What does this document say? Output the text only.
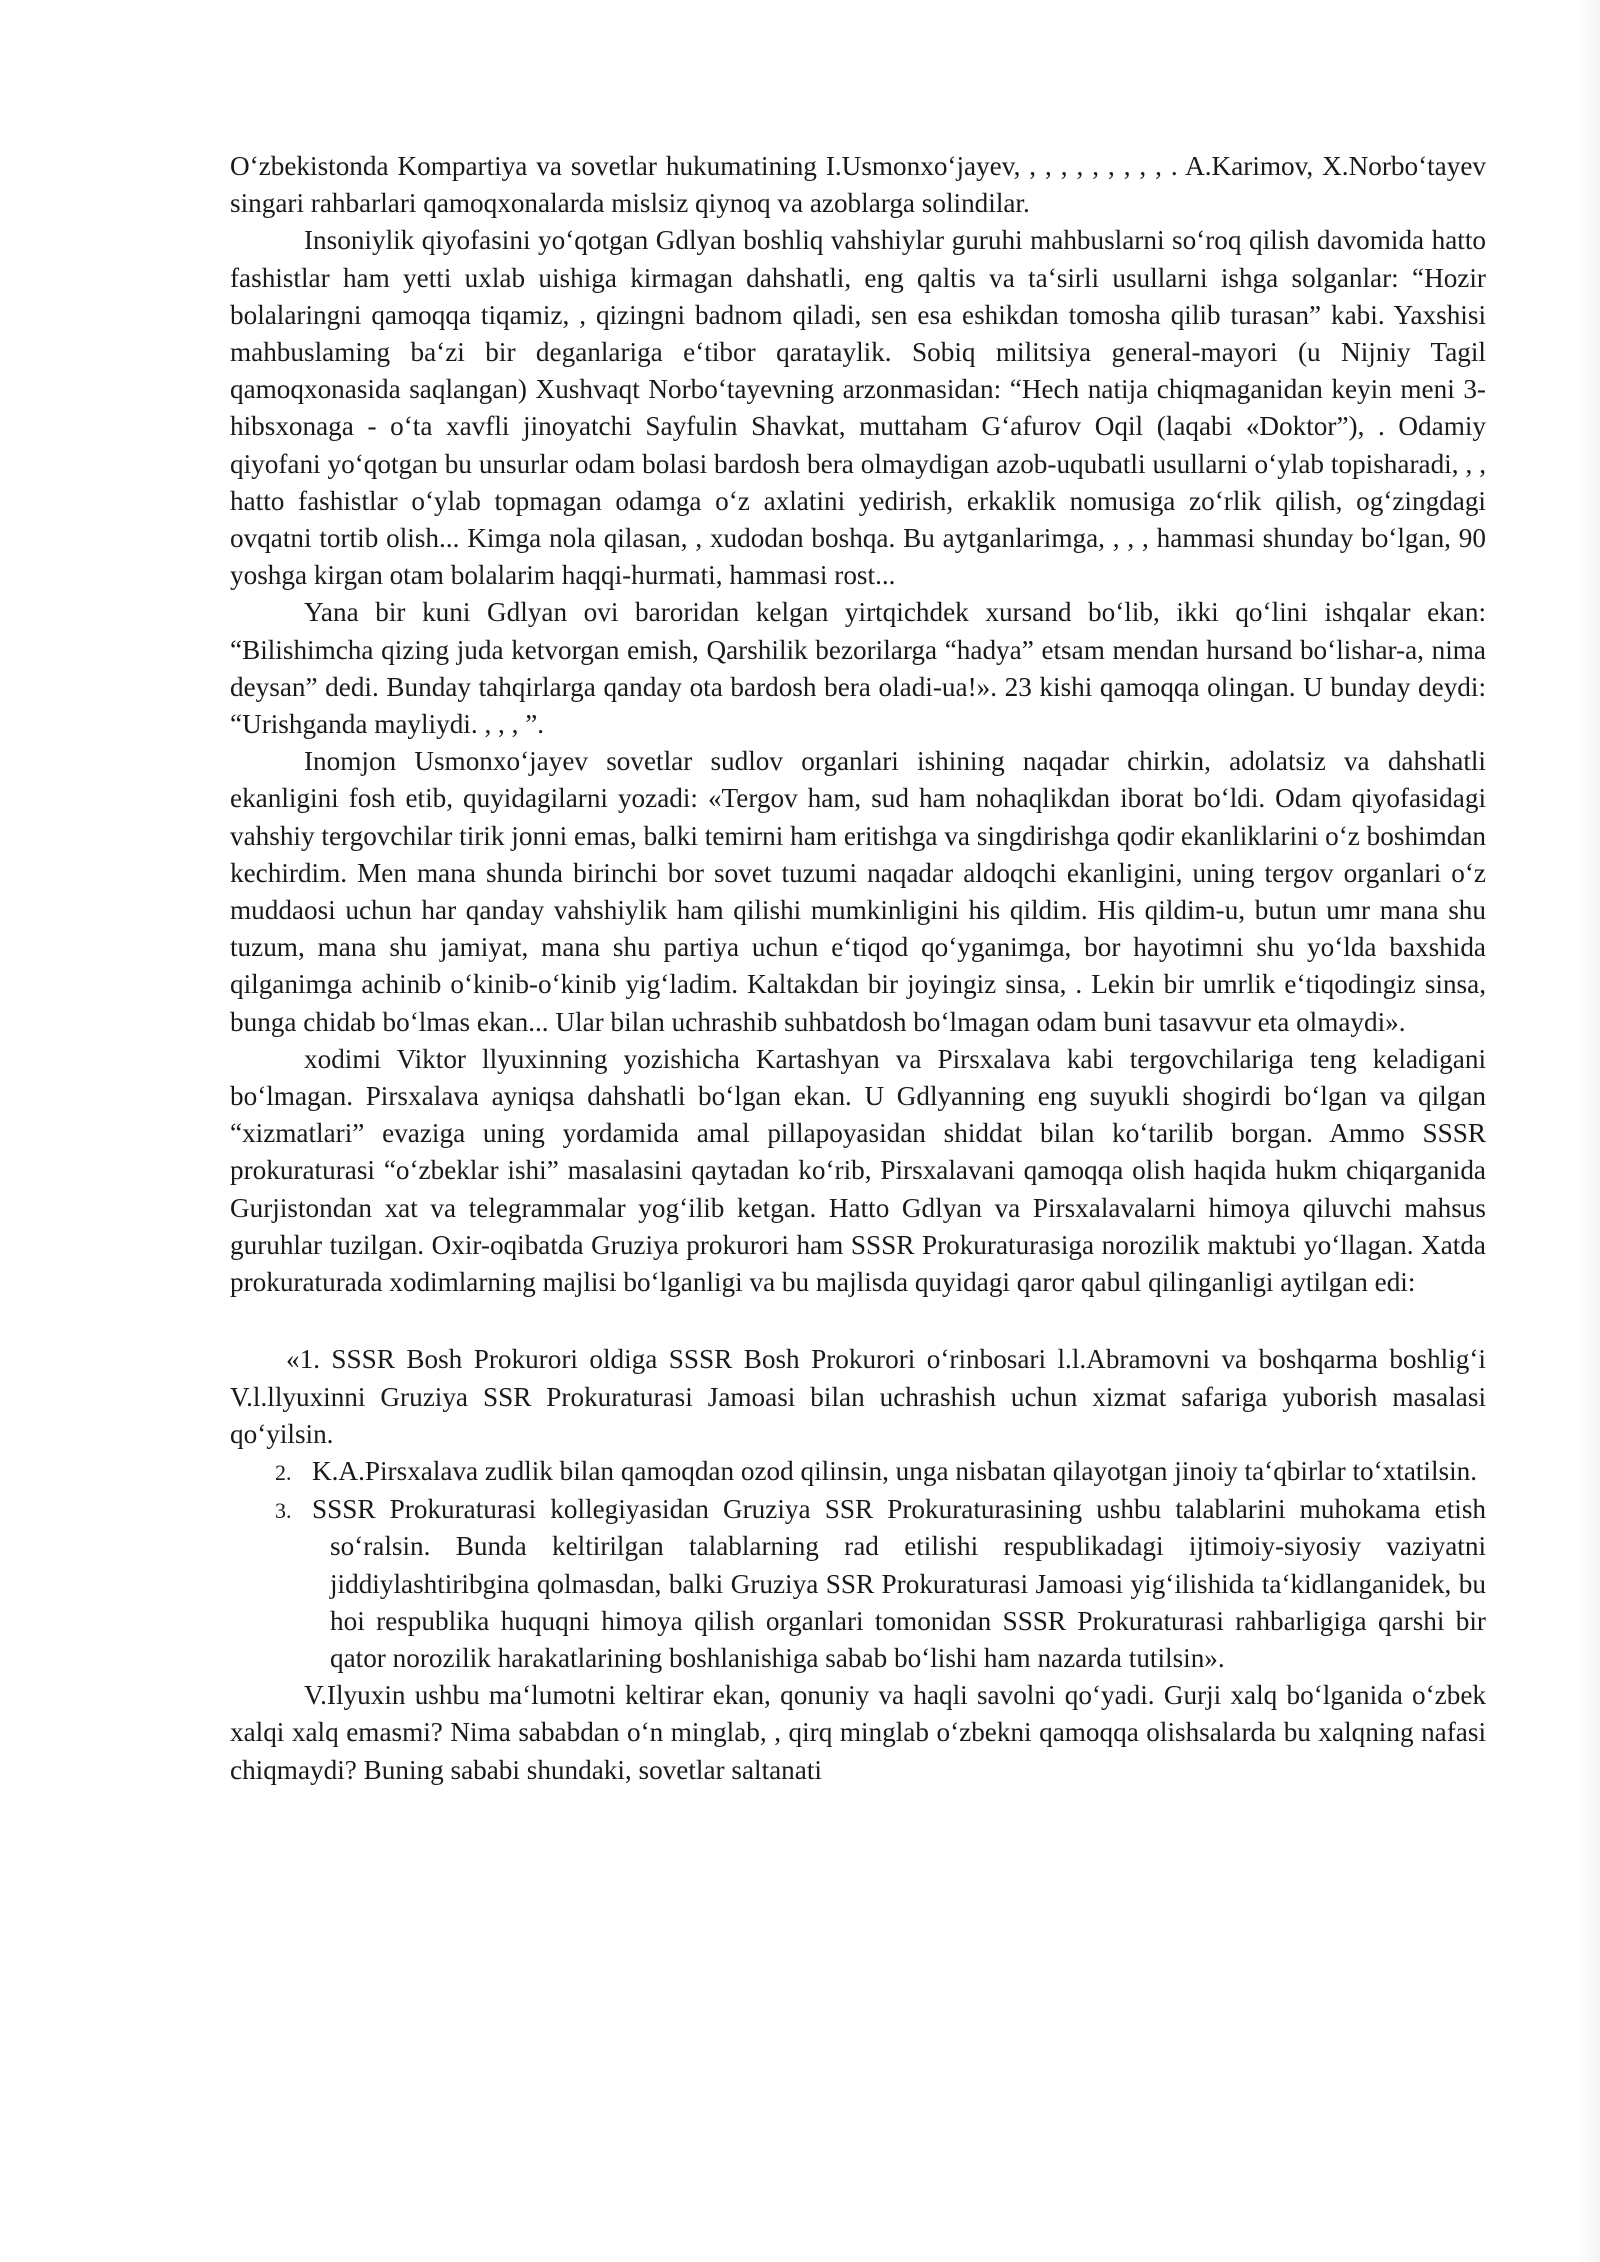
O‘zbekistonda Kompartiya va sovetlar hukumatining I.Usmonxo‘jayev, , , , , , , , , , . A.Karimov, X.Norbo‘tayev singari rahbarlari qamoqxonalarda mislsiz qiynoq va azoblarga solindilar.

Insoniylik qiyofasini yo‘qotgan Gdlyan boshliq vahshiylar guruhi mahbuslarni so‘roq qilish davomida hatto fashistlar ham yetti uxlab uishiga kirmagan dahshatli, eng qaltis va ta‘sirli usullarni ishga solganlar: “Hozir bolalaringni qamoqqa tiqamiz, , qizingni badnom qiladi, sen esa eshikdan tomosha qilib turasan” kabi. Yaxshisi mahbuslaming ba‘zi bir deganlariga e‘tibor qarataylik. Sobiq militsiya general-mayori (u Nijniy Tagil qamoqxonasida saqlangan) Xushvaqt Norbo‘tayevning arzonmasidan: “Hech natija chiqmaganidan keyin meni 3-hibsxonaga - o‘ta xavfli jinoyatchi Sayfulin Shavkat, muttaham G‘afurov Oqil (laqabi «Doktor”), . Odamiy qiyofani yo‘qotgan bu unsurlar odam bolasi bardosh bera olmaydigan azob-uqubatli usullarni o‘ylab topisharadi, , , hatto fashistlar o‘ylab topmagan odamga o‘z axlatini yedirish, erkaklik nomusiga zo‘rlik qilish, og‘zingdagi ovqatni tortib olish... Kimga nola qilasan, , xudodan boshqa. Bu aytganlarimga, , , , hammasi shunday bo‘lgan, 90 yoshga kirgan otam bolalarim haqqi-hurmati, hammasi rost...

Yana bir kuni Gdlyan ovi baroridan kelgan yirtqichdek xursand bo‘lib, ikki qo‘lini ishqalar ekan: “Bilishimcha qizing juda ketvorgan emish, Qarshilik bezorilarga “hadya” etsam mendan hursand bo‘lishar-a, nima deysan” dedi. Bunday tahqirlarga qanday ota bardosh bera oladi-ua!». 23 kishi qamoqqa olingan. U bunday deydi: “Urishganda mayliydi. , , , ”.

Inomjon Usmonxo‘jayev sovetlar sudlov organlari ishining naqadar chirkin, adolatsiz va dahshatli ekanligini fosh etib, quyidagilarni yozadi: «Tergov ham, sud ham nohaqlikdan iborat bo‘ldi. Odam qiyofasidagi vahshiy tergovchilar tirik jonni emas, balki temirni ham eritishga va singdirishga qodir ekanliklarini o‘z boshimdan kechirdim. Men mana shunda birinchi bor sovet tuzumi naqadar aldoqchi ekanligini, uning tergov organlari o‘z muddaosi uchun har qanday vahshiylik ham qilishi mumkinligini his qildim. His qildim-u, butun umr mana shu tuzum, mana shu jamiyat, mana shu partiya uchun e‘tiqod qo‘yganimga, bor hayotimni shu yo‘lda baxshida qilganimga achinib o‘kinib-o‘kinib yig‘ladim. Kaltakdan bir joyingiz sinsa, . Lekin bir umrlik e‘tiqodingiz sinsa, bunga chidab bo‘lmas ekan... Ular bilan uchrashib suhbatdosh bo‘lmagan odam buni tasavvur eta olmaydi».

xodimi Viktor llyuxinning yozishicha Kartashyan va Pirsxalava kabi tergovchilariga teng keladigani bo‘lmagan. Pirsxalava ayniqsa dahshatli bo‘lgan ekan. U Gdlyanning eng suyukli shogirdi bo‘lgan va qilgan “xizmatlari” evaziga uning yordamida amal pillapoyasidan shiddat bilan ko‘tarilib borgan. Ammo SSSR prokuraturasi “o‘zbeklar ishi” masalasini qaytadan ko‘rib, Pirsxalavani qamoqqa olish haqida hukm chiqarganida Gurjistondan xat va telegrammalar yog‘ilib ketgan. Hatto Gdlyan va Pirsxalavalarni himoya qiluvchi mahsus guruhlar tuzilgan. Oxir-oqibatda Gruziya prokurori ham SSSR Prokuraturasiga norozilik maktubi yo‘llagan. Xatda prokuraturada xodimlarning majlisi bo‘lganligi va bu majlisda quyidagi qaror qabul qilinganligi aytilgan edi:

«1. SSSR Bosh Prokurori oldiga SSSR Bosh Prokurori o‘rinbosari l.l.Abramovni va boshqarma boshlig‘i V.l.llyuxinni Gruziya SSR Prokuraturasi Jamoasi bilan uchrashish uchun xizmat safariga yuborish masalasi qo‘yilsin.

2. K.A.Pirsxalava zudlik bilan qamoqdan ozod qilinsin, unga nisbatan qilayotgan jinoiy ta‘qbirlar to‘xtatilsin.
3. SSSR Prokuraturasi kollegiyasidan Gruziya SSR Prokuraturasining ushbu talablarini muhokama etish so‘ralsin. Bunda keltirilgan talablarning rad etilishi respublikadagi ijtimoiy-siyosiy vaziyatni jiddiylashtiribgina qolmasdan, balki Gruziya SSR Prokuraturasi Jamoasi yig‘ilishida ta‘kidlanganidek, bu hoi respublika huquqni himoya qilish organlari tomonidan SSSR Prokuraturasi rahbarligiga qarshi bir qator norozilik harakatlarining boshlanishiga sabab bo‘lishi ham nazarda tutilsin».

V.Ilyuxin ushbu ma‘lumotni keltirar ekan, qonuniy va haqli savolni qo‘yadi. Gurji xalq bo‘lganida o‘zbek xalqi xalq emasmi? Nima sababdan o‘n minglab, , qirq minglab o‘zbekni qamoqqa olishsalarda bu xalqning nafasi chiqmaydi? Buning sababi shundaki, sovetlar saltanati
